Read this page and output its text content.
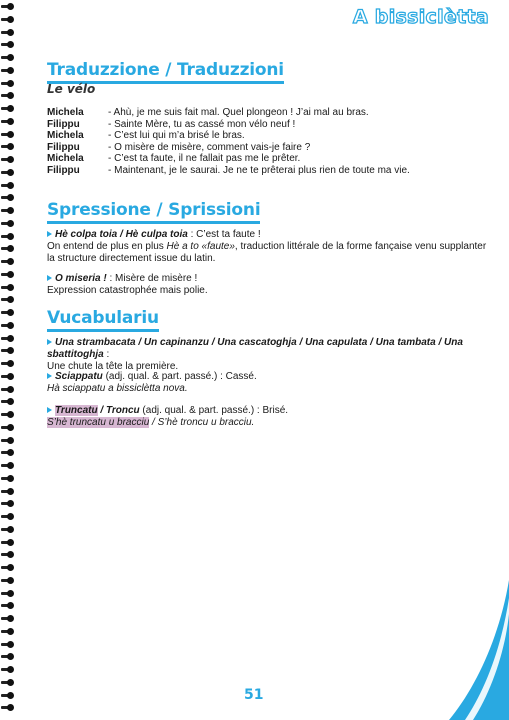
A bissiclètta
Traduzzione / Traduzzioni
Le vélo
Michela	- Ahù, je me suis fait mal. Quel plongeon ! J’ai mal au bras.
Filippu	- Sainte Mère, tu as cassé mon vélo neuf !
Michela	- C’est lui qui m’a brisé le bras.
Filippu	- O misère de misère, comment vais-je faire ?
Michela	- C’est ta faute, il ne fallait pas me le prêter.
Filippu	- Maintenant, je le saurai. Je ne te prêterai plus rien de toute ma vie.
Spressione / Sprissioni
Hè colpa toia / Hè culpa toia : C’est ta faute !
On entend de plus en plus Hè a to «faute», traduction littérale de la forme fançaise venu supplanter la structure directement issue du latin.
O miseria ! : Misère de misère !
Expression catastrophée mais polie.
Vucabulariu
Una strambacata / Un capinanzu / Una cascatoghja / Una capulata / Una tambata / Una sbattitoghja :
Une chute la tête la première.
Sciappatu (adj. qual. & part. passé.) : Cassé.
Hà sciappatu a bissiclètta nova.
Truncatu / Troncu (adj. qual. & part. passé.) : Brisé.
S’hè truncatu u bracciu / S’hè troncu u bracciu.
51
